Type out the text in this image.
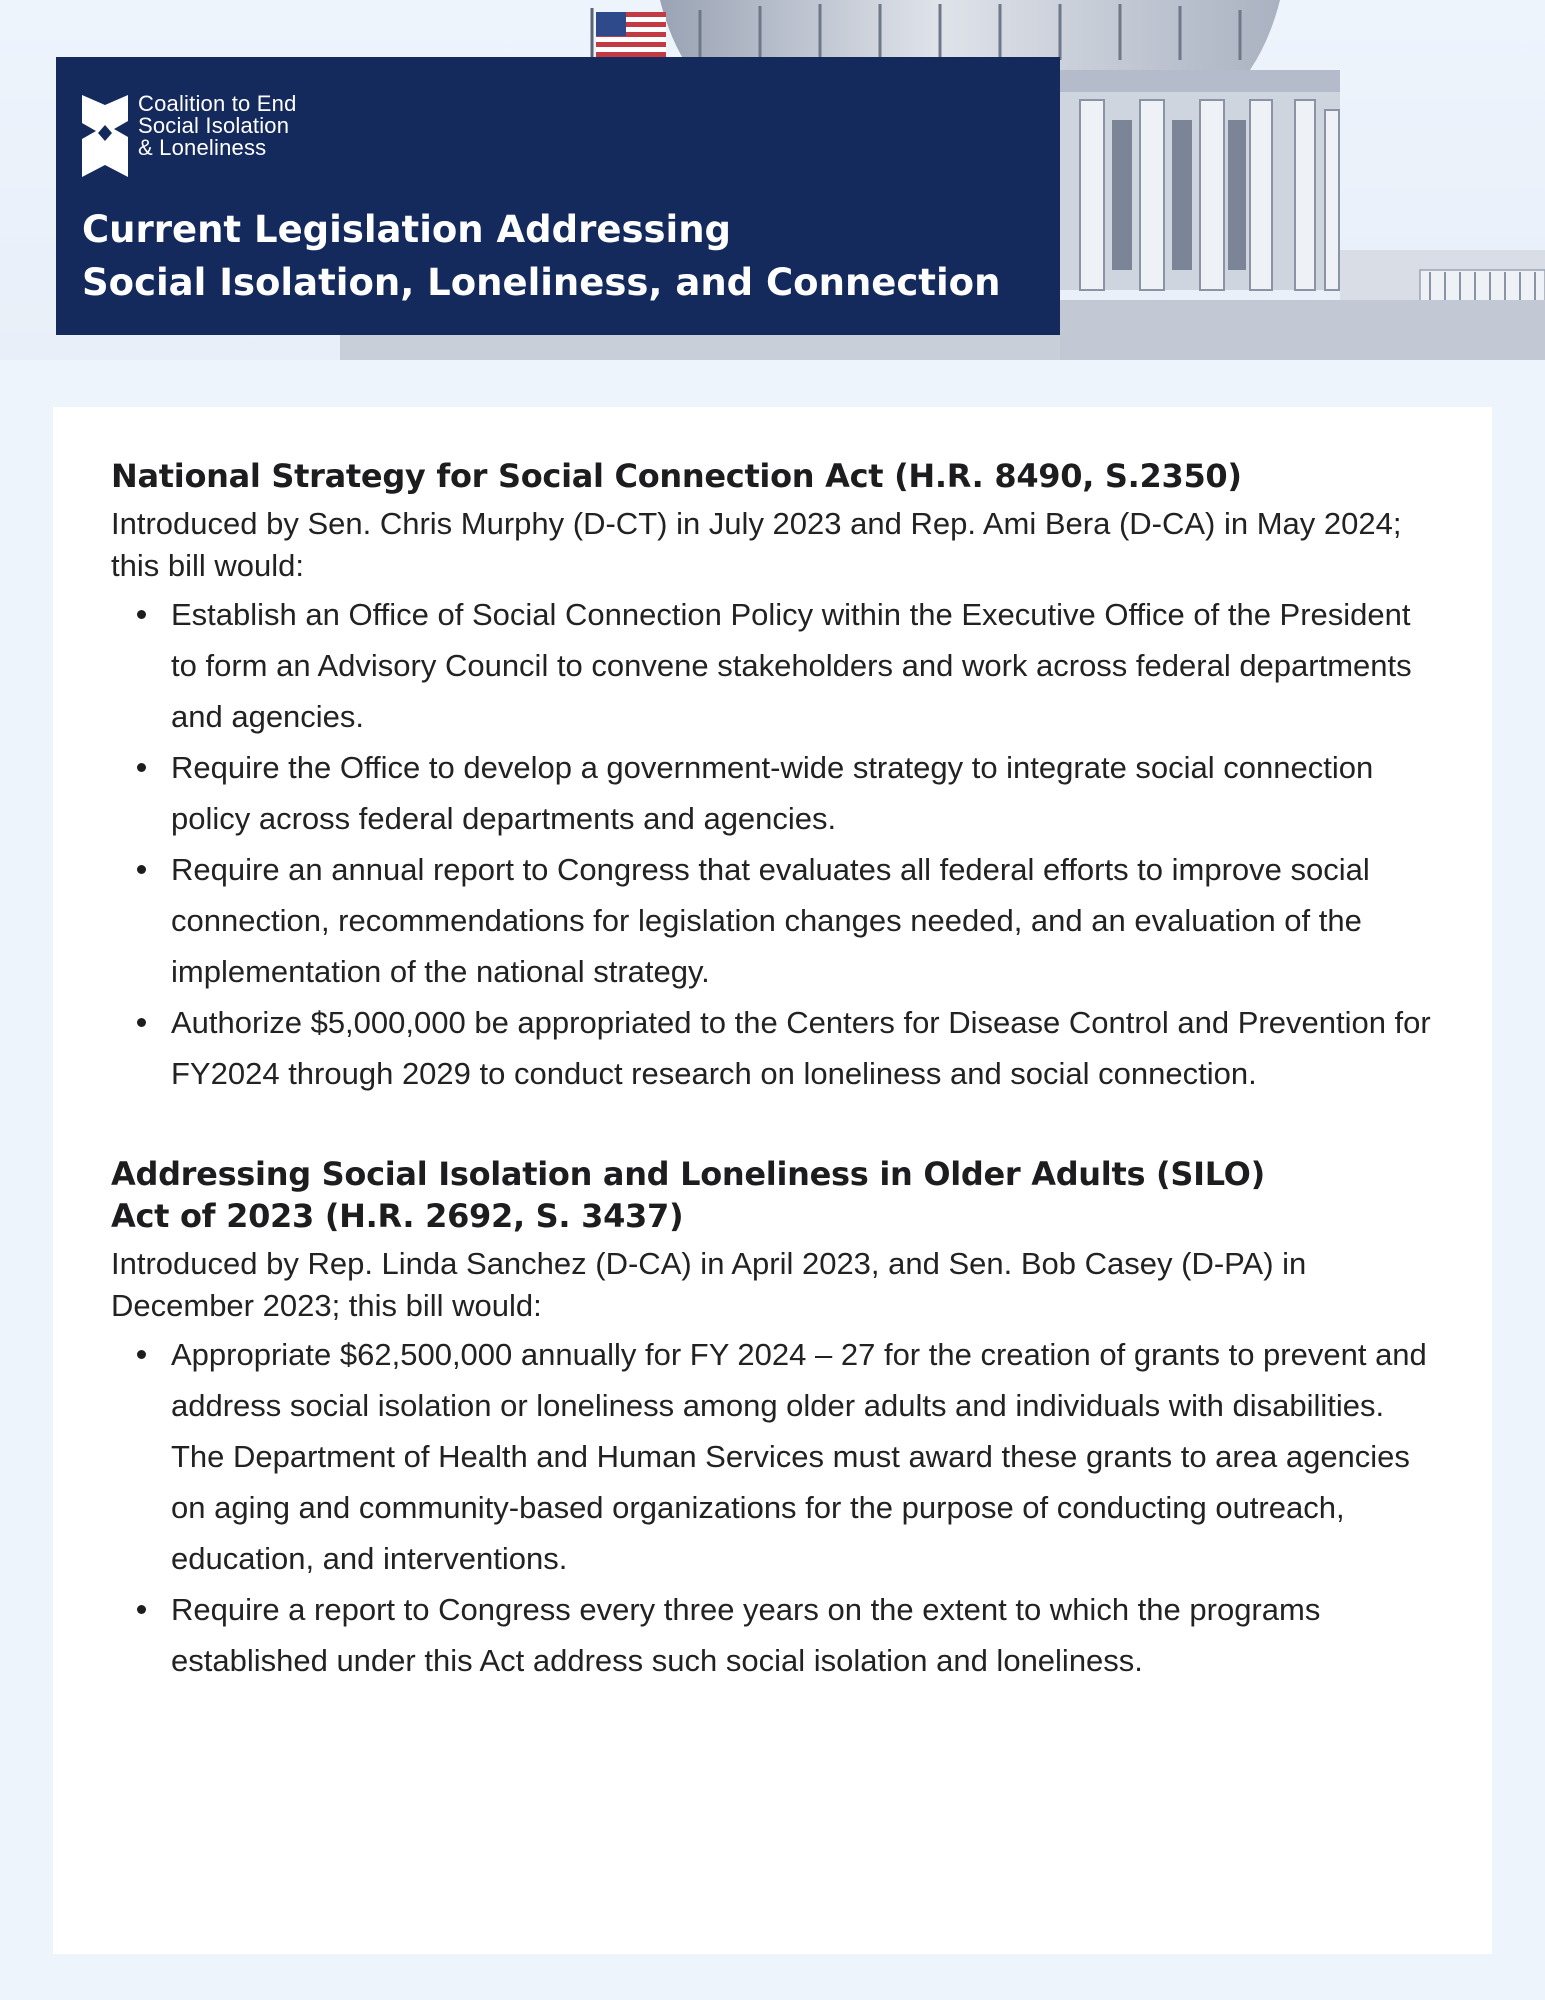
Coalition to End
Social Isolation
& Loneliness
Current Legislation Addressing
Social Isolation, Loneliness, and Connection
National Strategy for Social Connection Act (H.R. 8490, S.2350)

Introduced by Sen. Chris Murphy (D-CT) in July 2023 and Rep. Ami Bera (D-CA) in May 2024; this bill would:

Establish an Office of Social Connection Policy within the Executive Office of the President to form an Advisory Council to convene stakeholders and work across federal departments and agencies.
Require the Office to develop a government-wide strategy to integrate social connection policy across federal departments and agencies.
Require an annual report to Congress that evaluates all federal efforts to improve social connection, recommendations for legislation changes needed, and an evaluation of the implementation of the national strategy.
Authorize $5,000,000 be appropriated to the Centers for Disease Control and Prevention for FY2024 through 2029 to conduct research on loneliness and social connection.
Addressing Social Isolation and Loneliness in Older Adults (SILO)
Act of 2023 (H.R. 2692, S. 3437)

Introduced by Rep. Linda Sanchez (D-CA) in April 2023, and Sen. Bob Casey (D-PA) in December 2023; this bill would:

Appropriate $62,500,000 annually for FY 2024 – 27 for the creation of grants to prevent and address social isolation or loneliness among older adults and individuals with disabilities. The Department of Health and Human Services must award these grants to area agencies on aging and community-based organizations for the purpose of conducting outreach, education, and interventions.
Require a report to Congress every three years on the extent to which the programs established under this Act address such social isolation and loneliness.
